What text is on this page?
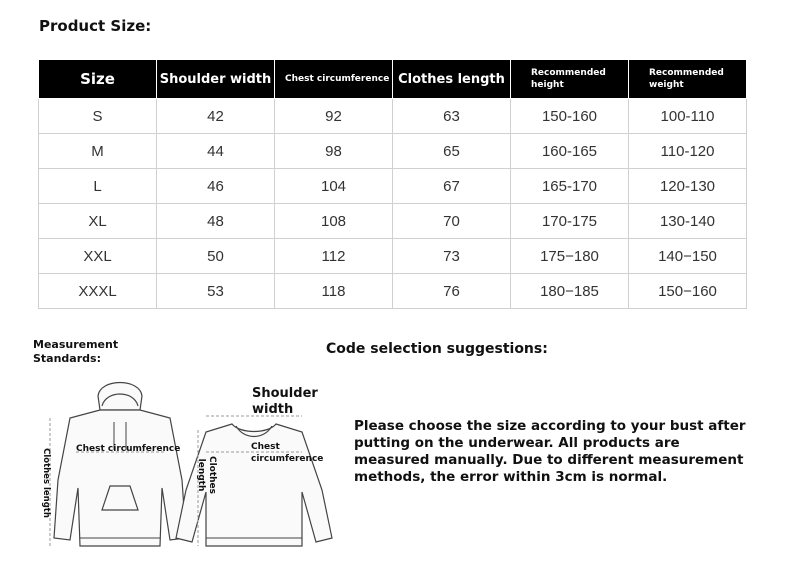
Product Size:
Size	Shoulder width	Chest circumference	Clothes length	Recommended height	Recommended weight
S	42	92	63	150-160	100-110
M	44	98	65	160-165	110-120
L	46	104	67	165-170	120-130
XL	48	108	70	170-175	130-140
XXL	50	112	73	175−180	140−150
XXXL	53	118	76	180−185	150−160
Measurement Standards:
Code selection suggestions:
Please choose the size according to your bust after putting on the underwear. All products are measured manually. Due to different measurement methods, the error within 3cm is normal.
Chest circumference
Clothes length
Shoulder width
Chest circumference
Clothes length
